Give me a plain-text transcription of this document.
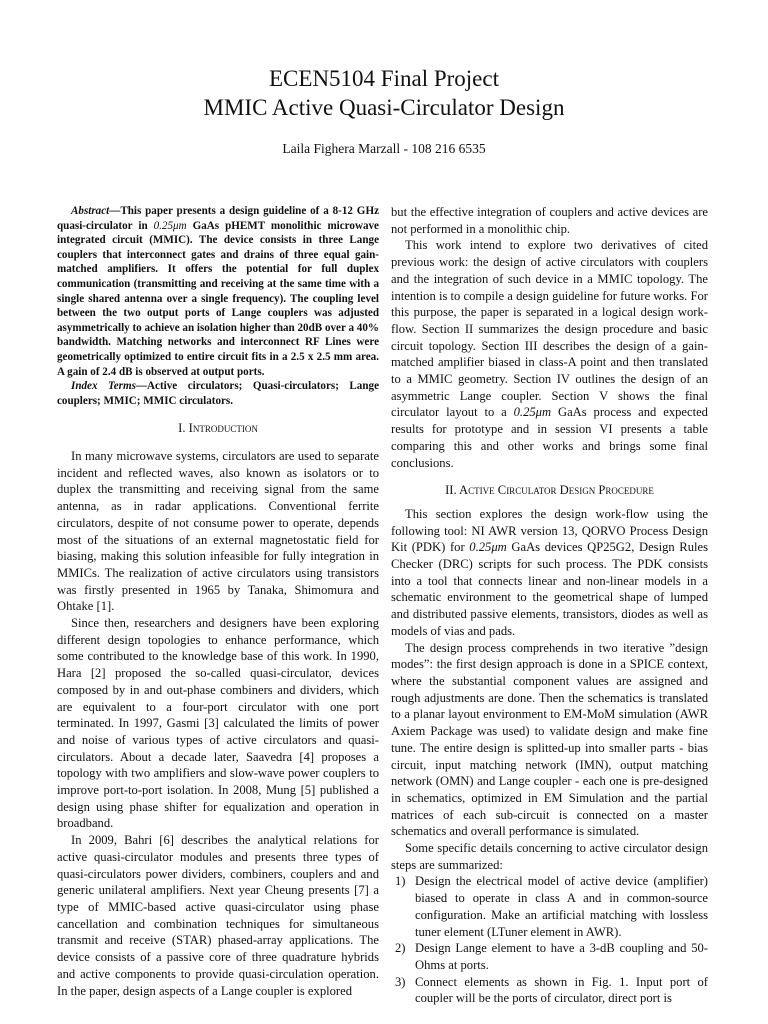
ECEN5104 Final Project
MMIC Active Quasi-Circulator Design
Laila Fighera Marzall - 108 216 6535

Abstract—This paper presents a design guideline of a 8-12 GHz quasi-circulator in 0.25μm GaAs pHEMT monolithic microwave integrated circuit (MMIC). The device consists in three Lange couplers that interconnect gates and drains of three equal gain-matched amplifiers. It offers the potential for full duplex communication (transmitting and receiving at the same time with a single shared antenna over a single frequency). The coupling level between the two output ports of Lange couplers was adjusted asymmetrically to achieve an isolation higher than 20dB over a 40% bandwidth. Matching networks and interconnect RF Lines were geometrically optimized to entire circuit fits in a 2.5 x 2.5 mm area. A gain of 2.4 dB is observed at output ports.

Index Terms—Active circulators; Quasi-circulators; Lange couplers; MMIC; MMIC circulators.

I. Introduction

In many microwave systems, circulators are used to separate incident and reflected waves, also known as isolators or to duplex the transmitting and receiving signal from the same antenna, as in radar applications. Conventional ferrite circulators, despite of not consume power to operate, depends most of the situations of an external magnetostatic field for biasing, making this solution infeasible for fully integration in MMICs. The realization of active circulators using transistors was firstly presented in 1965 by Tanaka, Shimomura and Ohtake [1].

Since then, researchers and designers have been exploring different design topologies to enhance performance, which some contributed to the knowledge base of this work. In 1990, Hara [2] proposed the so-called quasi-circulator, devices composed by in and out-phase combiners and dividers, which are equivalent to a four-port circulator with one port terminated. In 1997, Gasmi [3] calculated the limits of power and noise of various types of active circulators and quasi-circulators. About a decade later, Saavedra [4] proposes a topology with two amplifiers and slow-wave power couplers to improve port-to-port isolation. In 2008, Mung [5] published a design using phase shifter for equalization and operation in broadband.

In 2009, Bahri [6] describes the analytical relations for active quasi-circulator modules and presents three types of quasi-circulators power dividers, combiners, couplers and and generic unilateral amplifiers. Next year Cheung presents [7] a type of MMIC-based active quasi-circulator using phase cancellation and combination techniques for simultaneous transmit and receive (STAR) phased-array applications. The device consists of a passive core of three quadrature hybrids and active components to provide quasi-circulation operation. In the paper, design aspects of a Lange coupler is explored

but the effective integration of couplers and active devices are not performed in a monolithic chip.

This work intend to explore two derivatives of cited previous work: the design of active circulators with couplers and the integration of such device in a MMIC topology. The intention is to compile a design guideline for future works. For this purpose, the paper is separated in a logical design work-flow. Section II summarizes the design procedure and basic circuit topology. Section III describes the design of a gain-matched amplifier biased in class-A point and then translated to a MMIC geometry. Section IV outlines the design of an asymmetric Lange coupler. Section V shows the final circulator layout to a 0.25μm GaAs process and expected results for prototype and in session VI presents a table comparing this and other works and brings some final conclusions.

II. Active Circulator Design Procedure

This section explores the design work-flow using the following tool: NI AWR version 13, QORVO Process Design Kit (PDK) for 0.25μm GaAs devices QP25G2, Design Rules Checker (DRC) scripts for such process. The PDK consists into a tool that connects linear and non-linear models in a schematic environment to the geometrical shape of lumped and distributed passive elements, transistors, diodes as well as models of vias and pads.

The design process comprehends in two iterative ”design modes”: the first design approach is done in a SPICE context, where the substantial component values are assigned and rough adjustments are done. Then the schematics is translated to a planar layout environment to EM-MoM simulation (AWR Axiem Package was used) to validate design and make fine tune. The entire design is splitted-up into smaller parts - bias circuit, input matching network (IMN), output matching network (OMN) and Lange coupler - each one is pre-designed in schematics, optimized in EM Simulation and the partial matrices of each sub-circuit is connected on a master schematics and overall performance is simulated.

Some specific details concerning to active circulator design steps are summarized:

1) Design the electrical model of active device (amplifier) biased to operate in class A and in common-source configuration. Make an artificial matching with lossless tuner element (LTuner element in AWR).
2) Design Lange element to have a 3-dB coupling and 50-Ohms at ports.
3) Connect elements as shown in Fig. 1. Input port of coupler will be the ports of circulator, direct port is
